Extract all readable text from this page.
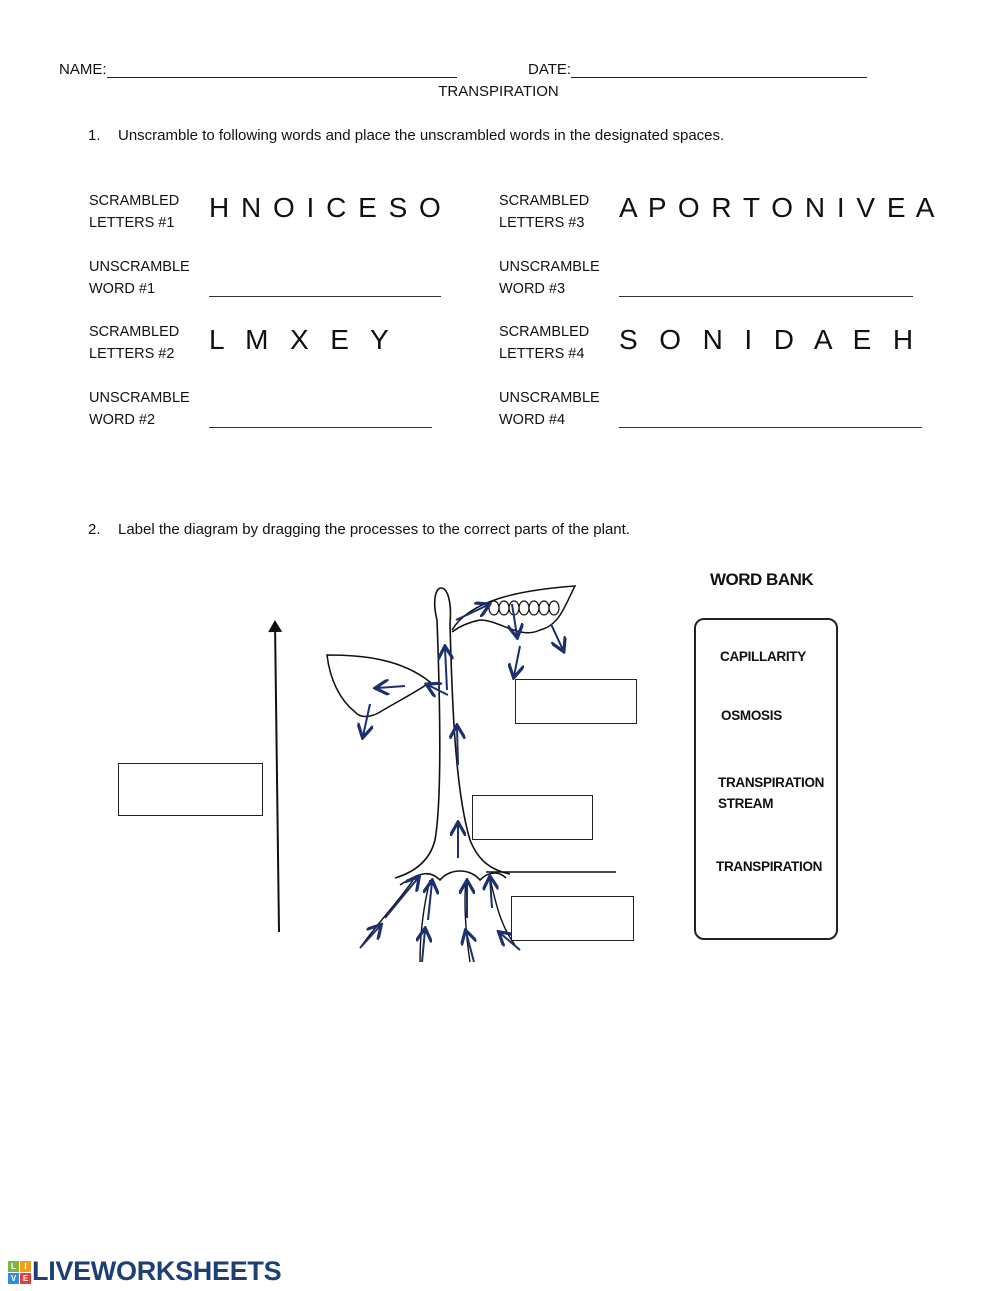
NAME:	DATE:
TRANSPIRATION
1. Unscramble to following words and place the unscrambled words in the designated spaces.
SCRAMBLED
LETTERS #1 H N O I C E S O
UNSCRAMBLE
WORD #1
SCRAMBLED
LETTERS #2 L  M  X  E  Y
UNSCRAMBLE
WORD #2
SCRAMBLED
LETTERS #3 A P O R T O N I V E A
UNSCRAMBLE
WORD #3
SCRAMBLED
LETTERS #4 S  O  N  I  D  A  E  H
UNSCRAMBLE
WORD #4
2. Label the diagram by dragging the processes to the correct parts of the plant.
WORD BANK
CAPILLARITY
OSMOSIS
TRANSPIRATION
STREAM
TRANSPIRATION
L	I
V E LIVEWORKSHEETS
